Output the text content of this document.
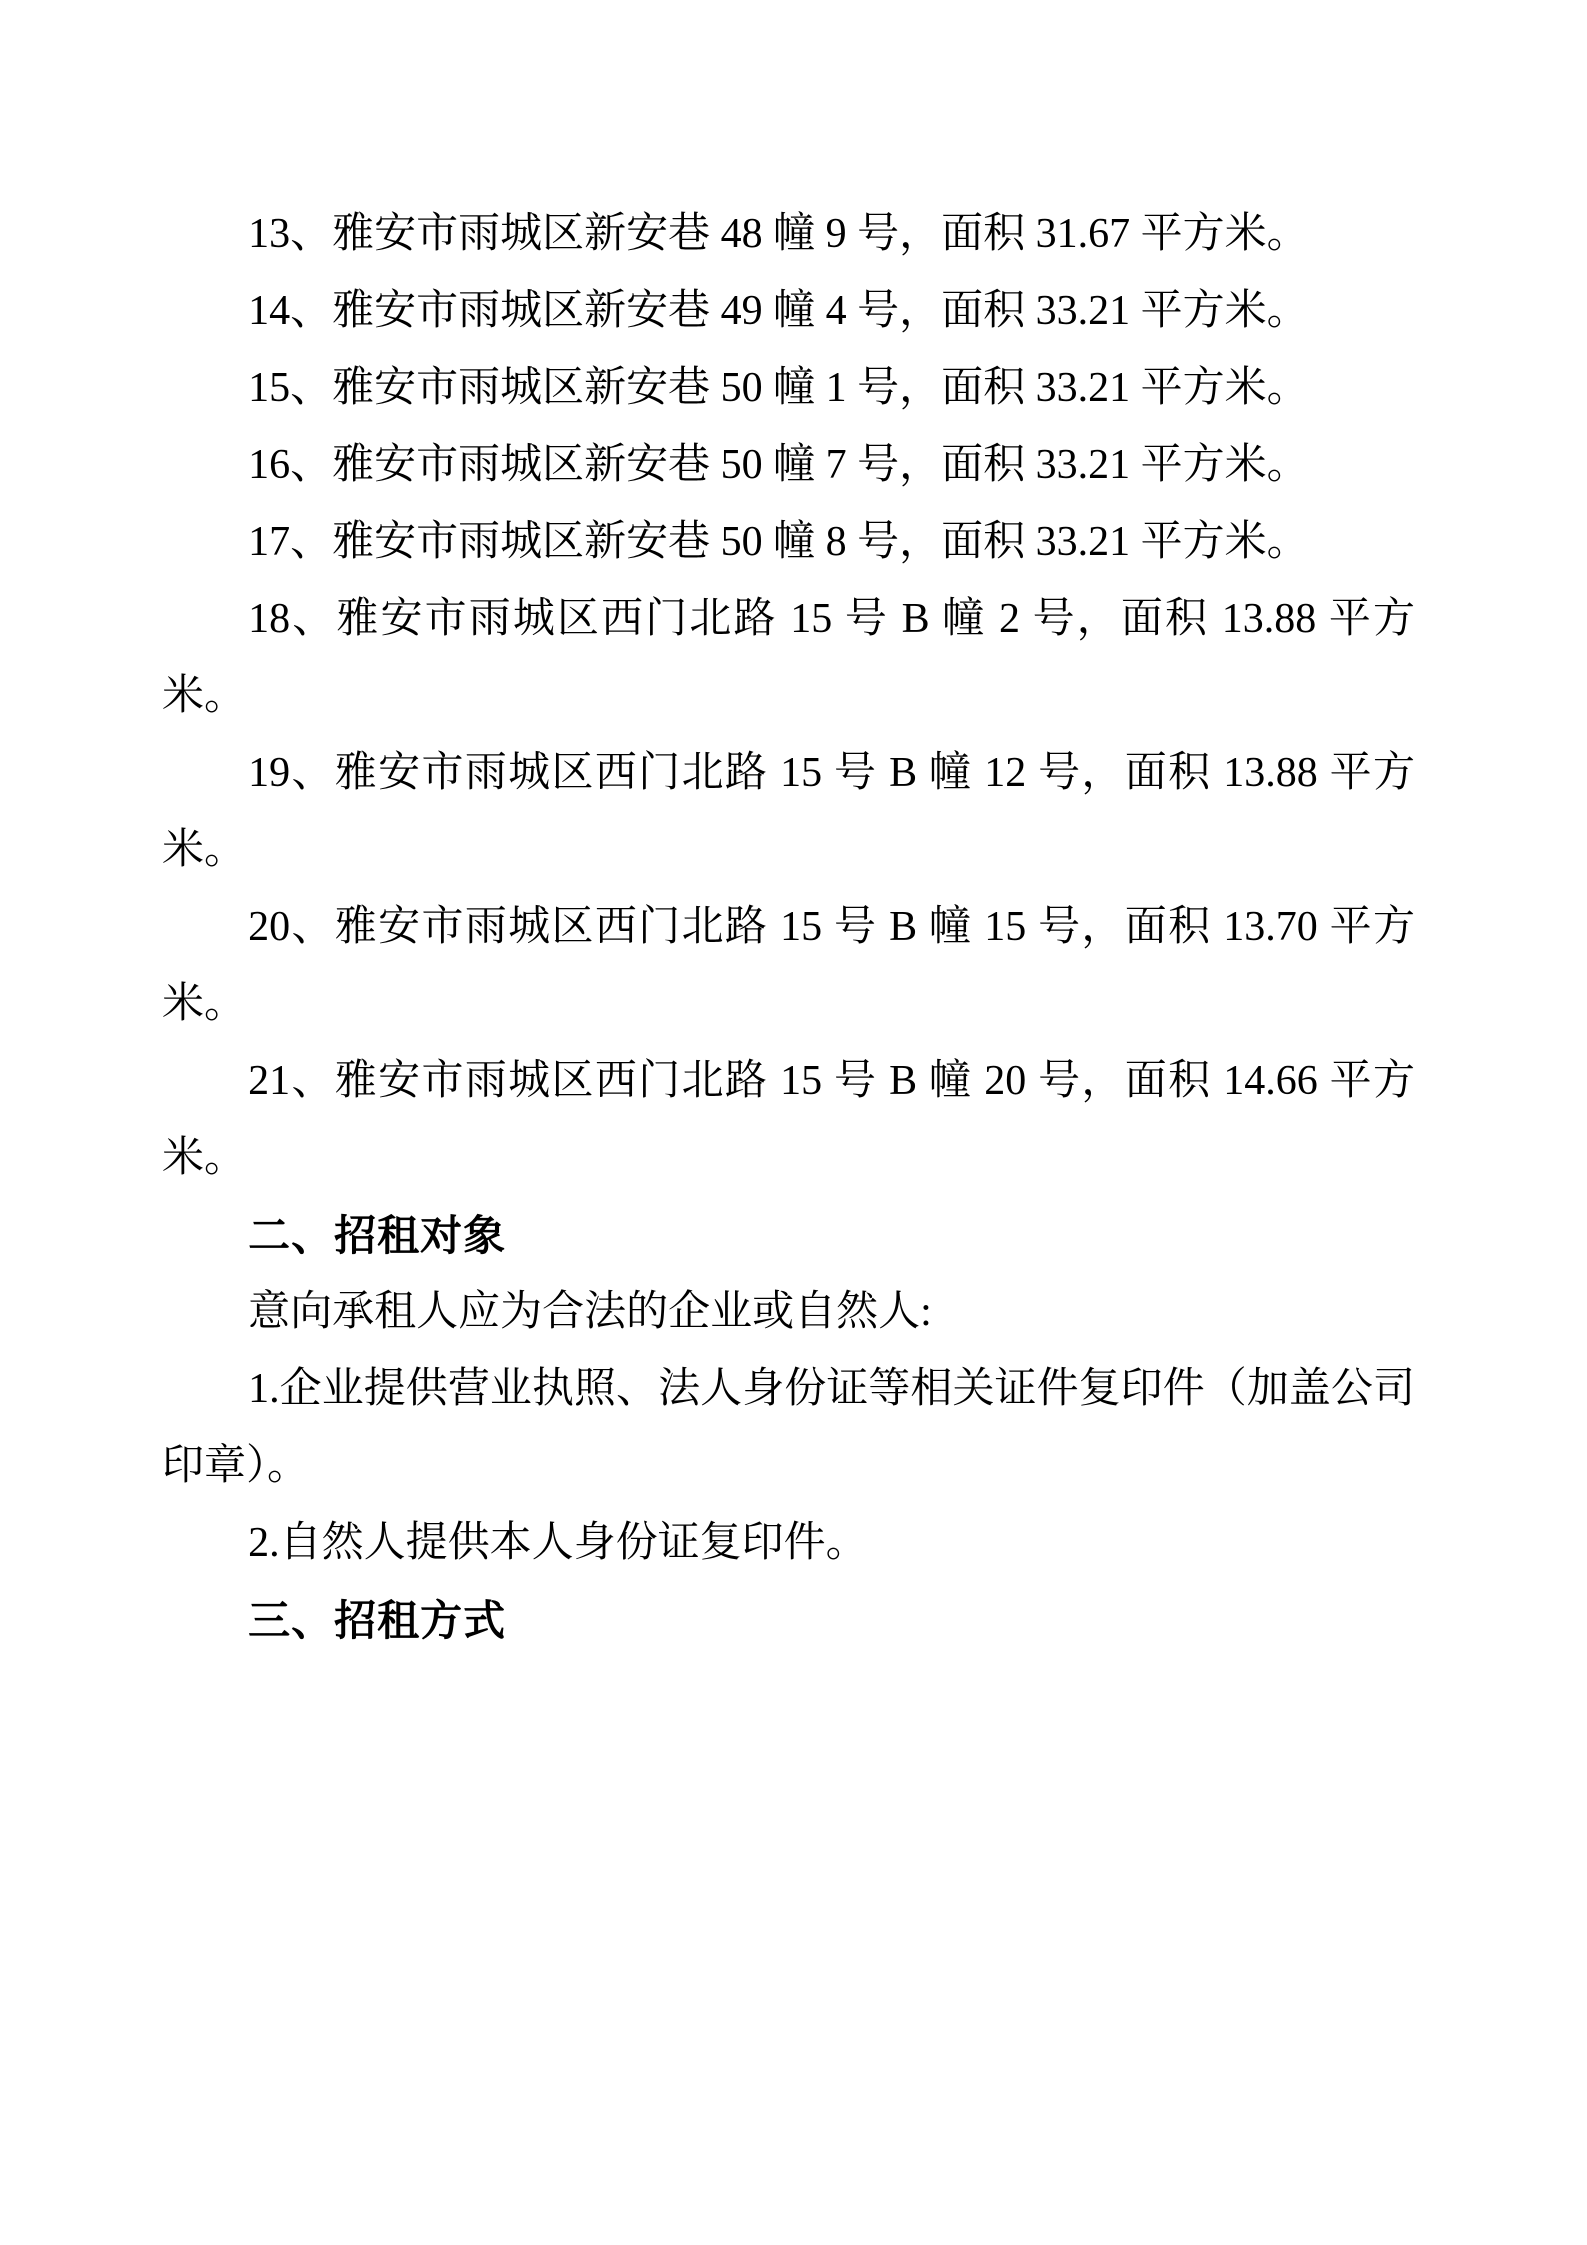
13、雅安市雨城区新安巷 48 幢 9 号，面积 31.67 平方米。

14、雅安市雨城区新安巷 49 幢 4 号，面积 33.21 平方米。

15、雅安市雨城区新安巷 50 幢 1 号，面积 33.21 平方米。

16、雅安市雨城区新安巷 50 幢 7 号，面积 33.21 平方米。

17、雅安市雨城区新安巷 50 幢 8 号，面积 33.21 平方米。

18、雅安市雨城区西门北路 15 号 B 幢 2 号，面积 13.88 平方米。

19、雅安市雨城区西门北路 15 号 B 幢 12 号，面积 13.88 平方米。

20、雅安市雨城区西门北路 15 号 B 幢 15 号，面积 13.70 平方米。

21、雅安市雨城区西门北路 15 号 B 幢 20 号，面积 14.66 平方米。

二、招租对象

意向承租人应为合法的企业或自然人:

1.企业提供营业执照、法人身份证等相关证件复印件（加盖公司印章）。

2.自然人提供本人身份证复印件。

三、招租方式
